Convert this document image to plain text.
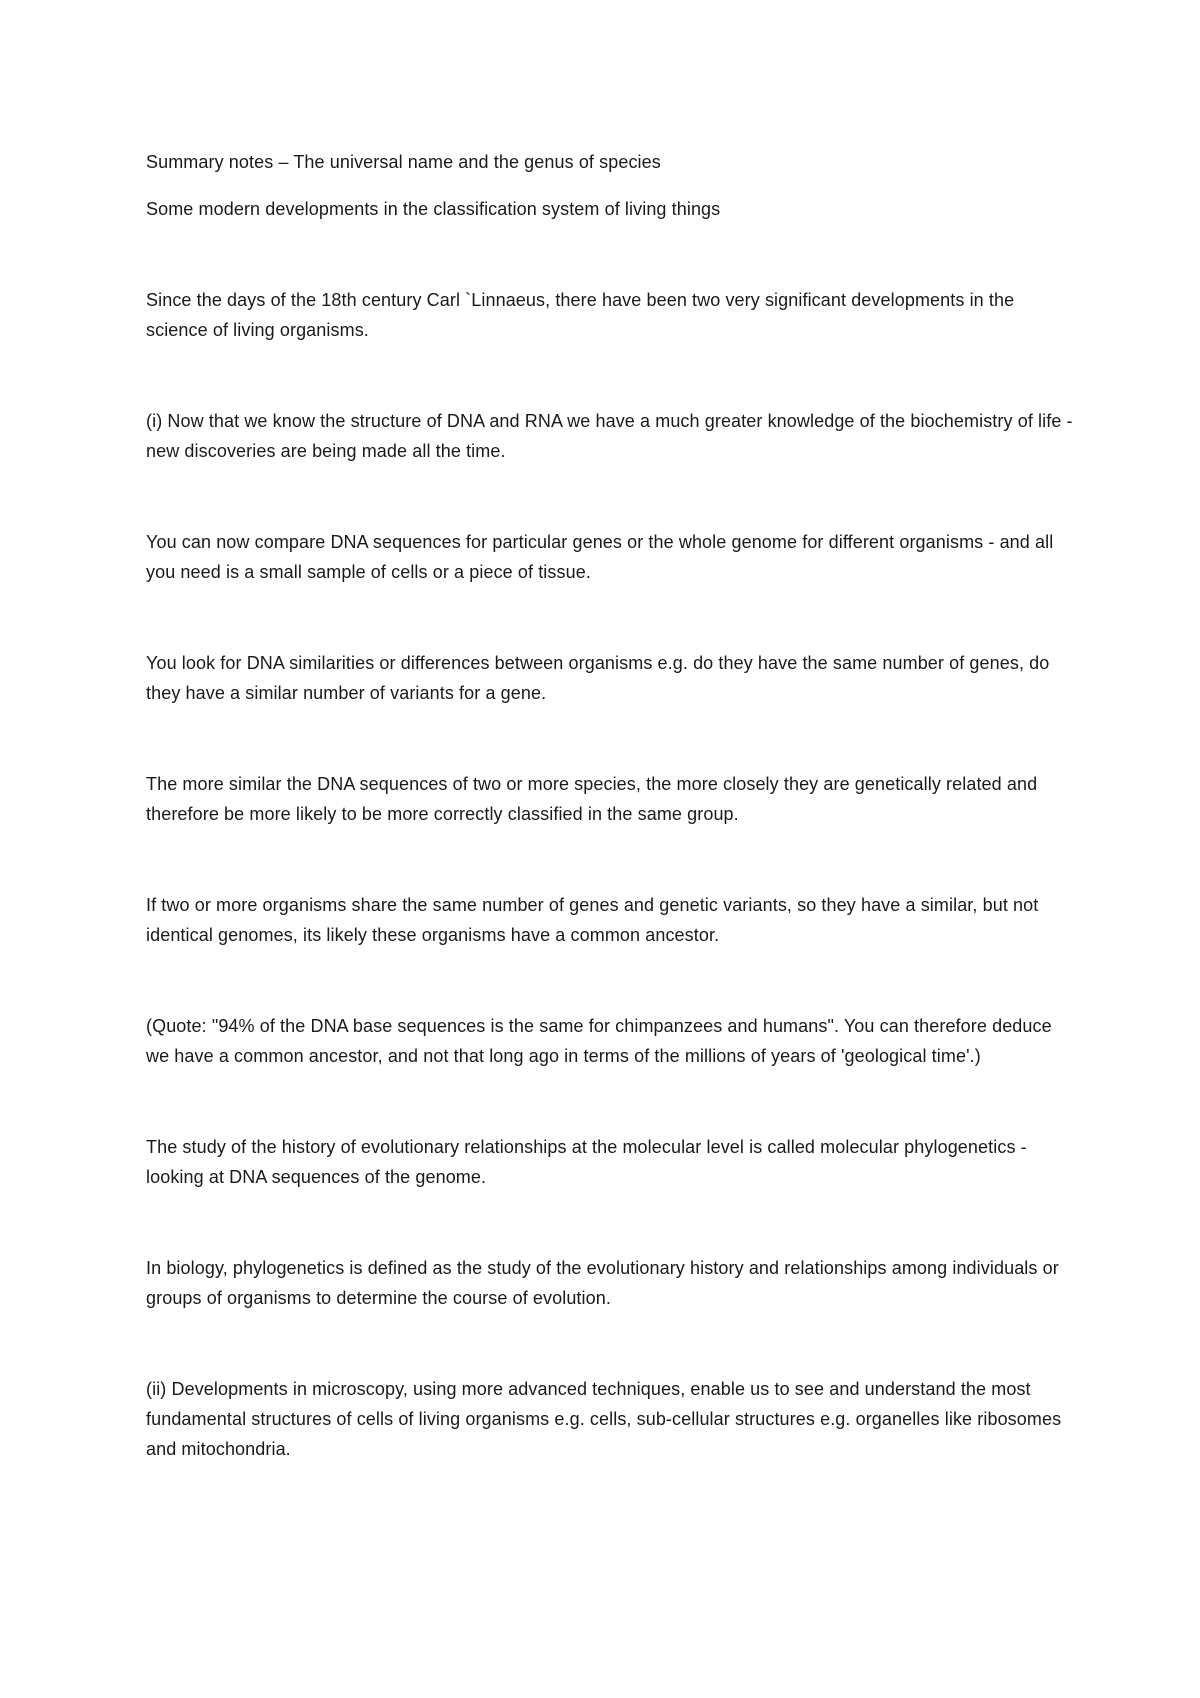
Summary notes – The universal name and the genus of species
Some modern developments in the classification system of living things
Since the days of the 18th century Carl `Linnaeus, there have been two very significant developments in the science of living organisms.
(i) Now that we know the structure of DNA and RNA we have a much greater knowledge of the biochemistry of life - new discoveries are being made all the time.
You can now compare DNA sequences for particular genes or the whole genome for different organisms - and all you need is a small sample of cells or a piece of tissue.
You look for DNA similarities or differences between organisms e.g. do they have the same number of genes, do they have a similar number of variants for a gene.
The more similar the DNA sequences of two or more species, the more closely they are genetically related and therefore be more likely to be more correctly classified in the same group.
If two or more organisms share the same number of genes and genetic variants, so they have a similar, but not identical genomes, its likely these organisms have a common ancestor.
(Quote: "94% of the DNA base sequences is the same for chimpanzees and humans". You can therefore deduce we have a common ancestor, and not that long ago in terms of the millions of years of 'geological time'.)
The study of the history of evolutionary relationships at the molecular level is called molecular phylogenetics - looking at DNA sequences of the genome.
In biology, phylogenetics is defined as the study of the evolutionary history and relationships among individuals or groups of organisms to determine the course of evolution.
(ii) Developments in microscopy, using more advanced techniques, enable us to see and understand the most fundamental structures of cells of living organisms e.g. cells, sub-cellular structures e.g. organelles like ribosomes and mitochondria.
